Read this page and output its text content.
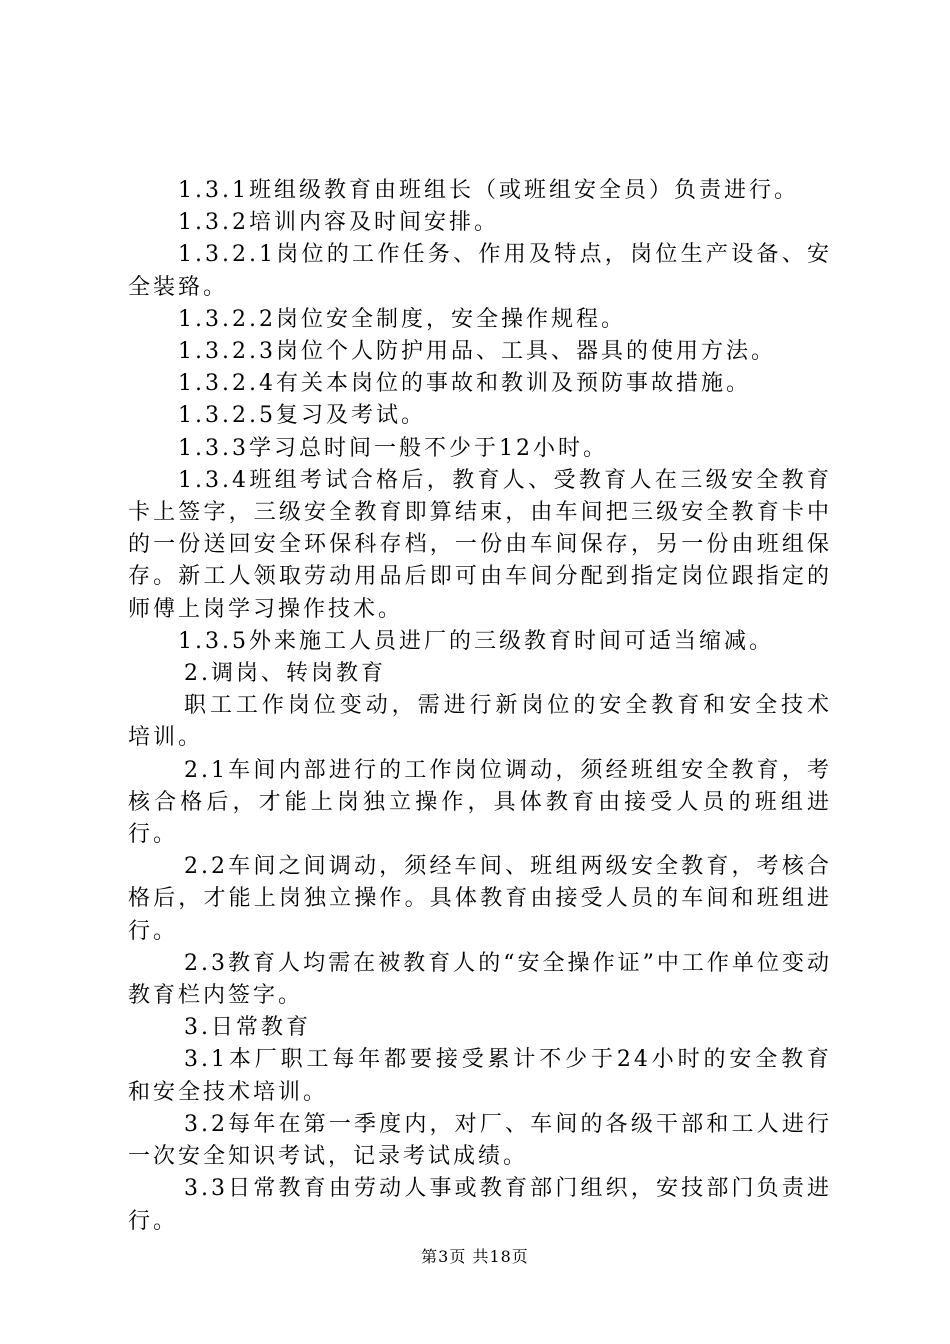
1.3.1班组级教育由班组长（或班组安全员）负责进行。

1.3.2培训内容及时间安排。

1.3.2.1岗位的工作任务、作用及特点，岗位生产设备、安全装臵。

1.3.2.2岗位安全制度，安全操作规程。

1.3.2.3岗位个人防护用品、工具、器具的使用方法。

1.3.2.4有关本岗位的事故和教训及预防事故措施。

1.3.2.5复习及考试。

1.3.3学习总时间一般不少于12小时。

1.3.4班组考试合格后，教育人、受教育人在三级安全教育卡上签字，三级安全教育即算结束，由车间把三级安全教育卡中的一份送回安全环保科存档，一份由车间保存，另一份由班组保存。新工人领取劳动用品后即可由车间分配到指定岗位跟指定的师傅上岗学习操作技术。

1.3.5外来施工人员进厂的三级教育时间可适当缩减。

2.调岗、转岗教育

职工工作岗位变动，需进行新岗位的安全教育和安全技术培训。

2.1车间内部进行的工作岗位调动，须经班组安全教育，考核合格后，才能上岗独立操作，具体教育由接受人员的班组进行。

2.2车间之间调动，须经车间、班组两级安全教育，考核合格后，才能上岗独立操作。具体教育由接受人员的车间和班组进行。

2.3教育人均需在被教育人的“安全操作证”中工作单位变动教育栏内签字。

3.日常教育

3.1本厂职工每年都要接受累计不少于24小时的安全教育和安全技术培训。

3.2每年在第一季度内，对厂、车间的各级干部和工人进行一次安全知识考试，记录考试成绩。

3.3日常教育由劳动人事或教育部门组织，安技部门负责进行。

第3页 共18页
